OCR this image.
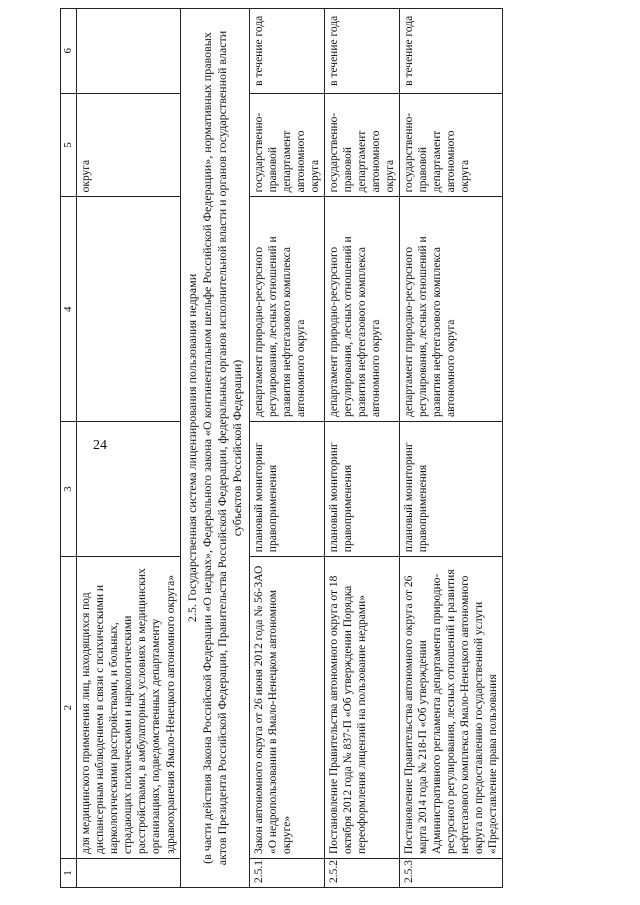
24
1	2	3	4	5	6
	для медицинского применения лиц, находящихся под диспансерным наблюдением в связи с психическими и наркологическими расстройствами, и больных, страдающих психическими и наркологическими расстройствами, в амбулаторных условиях в медицинских организациях, подведомственных департаменту здравоохранения Ямало-Ненецкого автономного округа»			округа	

2.5. Государственная система лицензирования пользования недрами (в части действия Закона Российской Федерации «О недрах», Федерального закона «О континентальном шельфе Российской Федерации», нормативных правовых актов Президента Российской Федерации, Правительства Российской Федерации, федеральных органов исполнительной власти и органов государственной власти субъектов Российской Федерации)					

2.5.1	Закон автономного округа от 26 июня 2012 года № 56-ЗАО «О недропользовании в Ямало-Ненецком автономном округе»	плановый мониторинг правоприменения	департамент природно-ресурсного регулирования, лесных отношений и развития нефтегазового комплекса автономного округа	государственно-правовой департамент автономного округа	в течение года
2.5.2	Постановление Правительства автономного округа от 18 октября 2012 года № 837-П «Об утверждении Порядка переоформления лицензий на пользование недрами»	плановый мониторинг правоприменения	департамент природно-ресурсного регулирования, лесных отношений и развития нефтегазового комплекса автономного округа	государственно-правовой департамент автономного округа	в течение года
2.5.3	Постановление Правительства автономного округа от 26 марта 2014 года № 218-П «Об утверждении Административного регламента департамента природно-ресурсного регулирования, лесных отношений и развития нефтегазового комплекса Ямало-Ненецкого автономного округа по предоставлению государственной услуги «Предоставление права пользования	плановый мониторинг правоприменения	департамент природно-ресурсного регулирования, лесных отношений и развития нефтегазового комплекса автономного округа	государственно-правовой департамент автономного округа	в течение года
